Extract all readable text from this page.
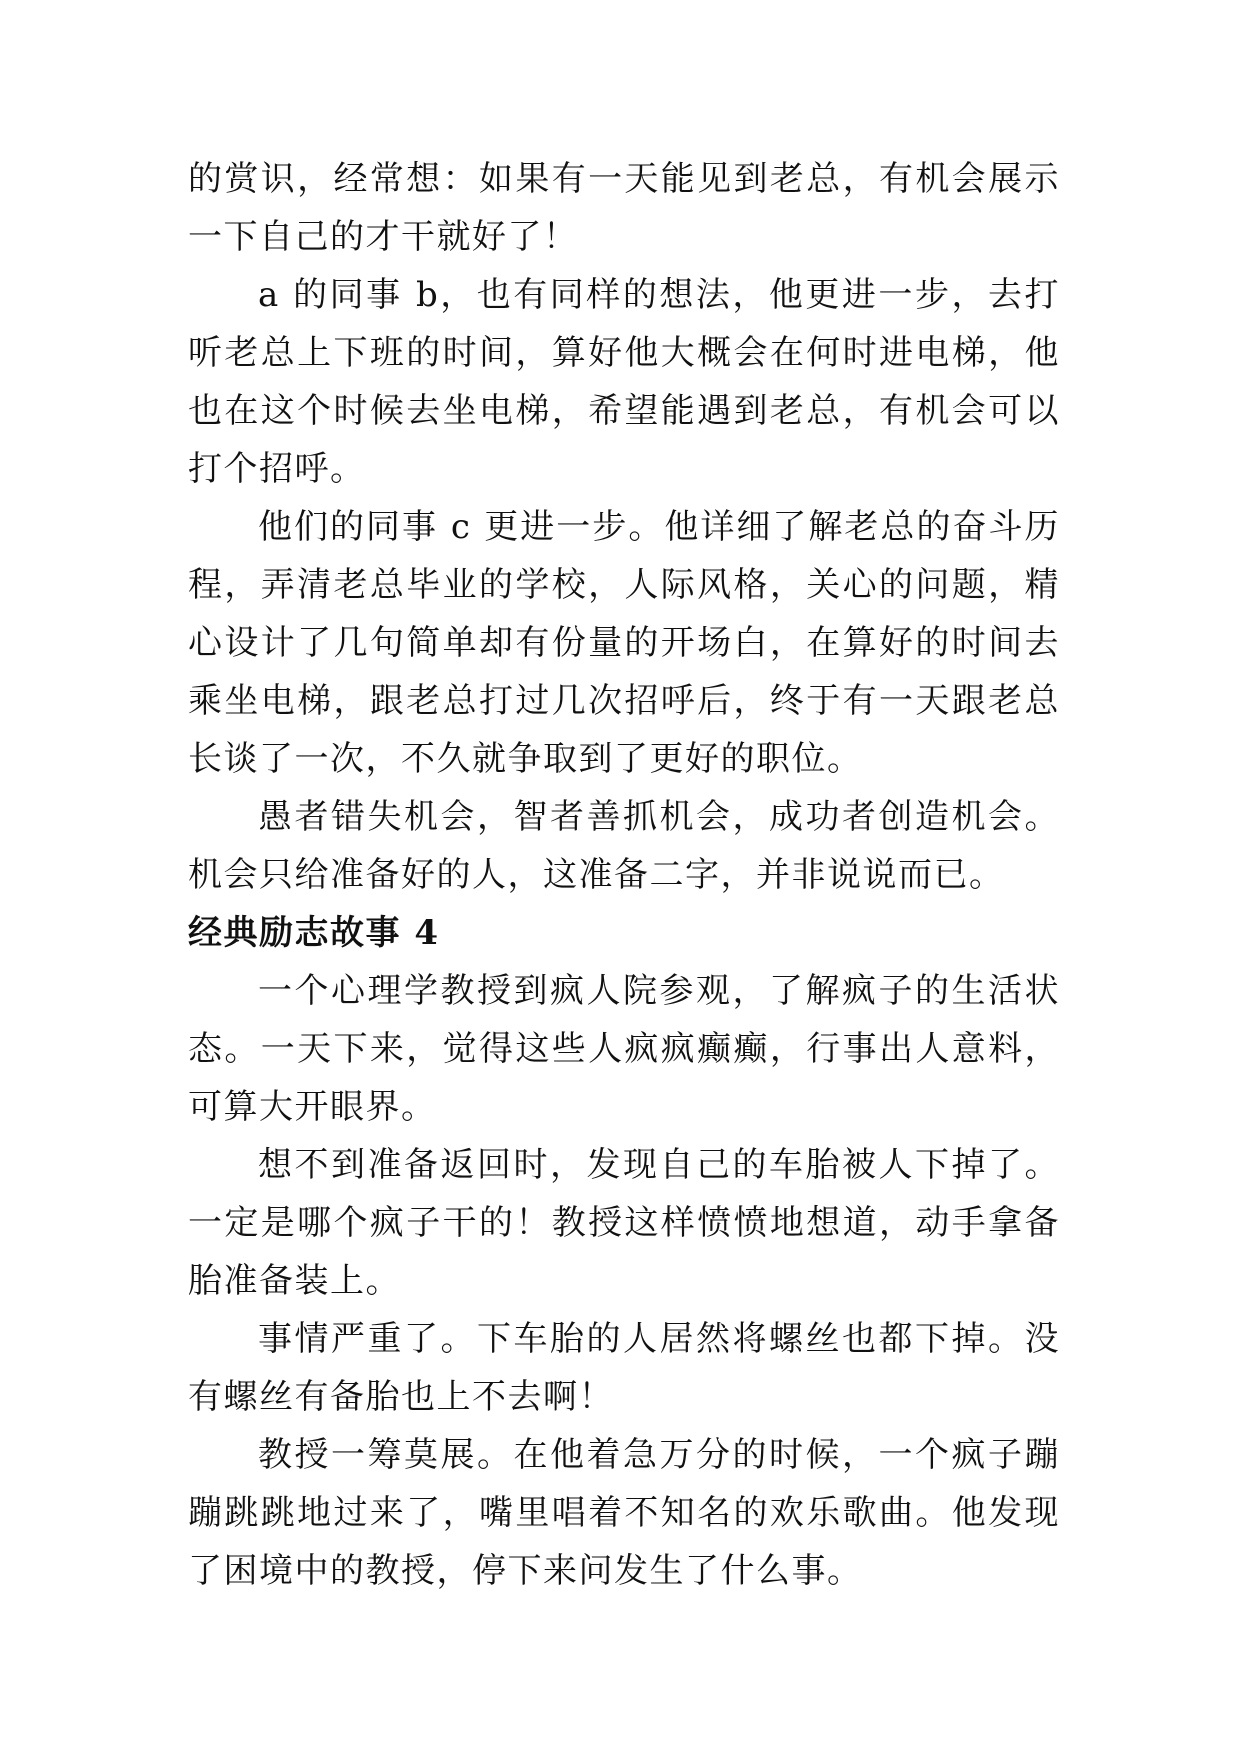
的赏识，经常想：如果有一天能见到老总，有机会展示一下自己的才干就好了！

a 的同事 b，也有同样的想法，他更进一步，去打听老总上下班的时间，算好他大概会在何时进电梯，他也在这个时候去坐电梯，希望能遇到老总，有机会可以打个招呼。

他们的同事 c 更进一步。他详细了解老总的奋斗历程，弄清老总毕业的学校，人际风格，关心的问题，精心设计了几句简单却有份量的开场白，在算好的时间去乘坐电梯，跟老总打过几次招呼后，终于有一天跟老总长谈了一次，不久就争取到了更好的职位。

愚者错失机会，智者善抓机会，成功者创造机会。机会只给准备好的人，这准备二字，并非说说而已。

经典励志故事 4

一个心理学教授到疯人院参观，了解疯子的生活状态。一天下来，觉得这些人疯疯癫癫，行事出人意料，可算大开眼界。

想不到准备返回时，发现自己的车胎被人下掉了。一定是哪个疯子干的！教授这样愤愤地想道，动手拿备胎准备装上。

事情严重了。下车胎的人居然将螺丝也都下掉。没有螺丝有备胎也上不去啊！

教授一筹莫展。在他着急万分的时候，一个疯子蹦蹦跳跳地过来了，嘴里唱着不知名的欢乐歌曲。他发现了困境中的教授，停下来问发生了什么事。
